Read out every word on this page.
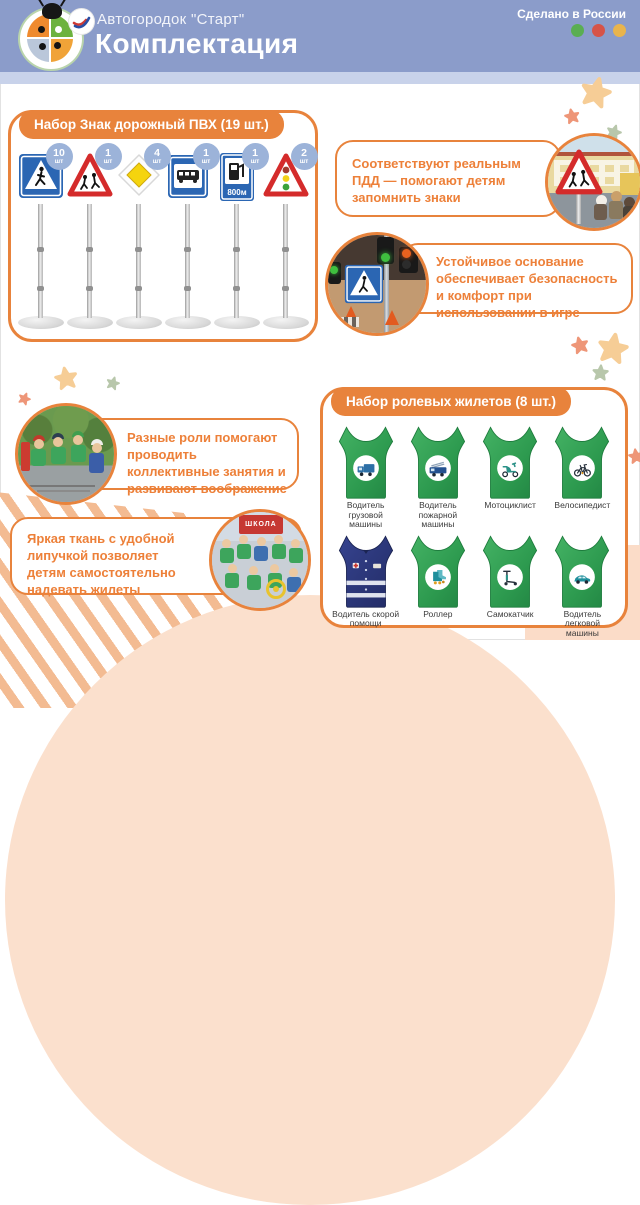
Автогородок "Старт"
Комплектация
Сделано в России
Набор Знак дорожный ПВХ (19 шт.)
10
шт
1
шт
4
шт
1
шт
800м
1
шт
2
шт	Соответствуют реальным ПДД — помогают детям запомнить знаки
Устойчивое основание обеспечивает безопасность и комфорт при использовании в игре
Разные роли помогают проводить коллективные занятия и развивают воображение
Яркая ткань с удобной липучкой позволяет детям самостоятельно надевать жилеты
ШКОЛА
Набор ролевых жилетов (8 шт.)
Водитель грузовой машины
Водитель пожарной машины
Мотоциклист Велосипедист
Водитель скорой помощи
Роллер	Самокатчик	Водитель легковой машины
